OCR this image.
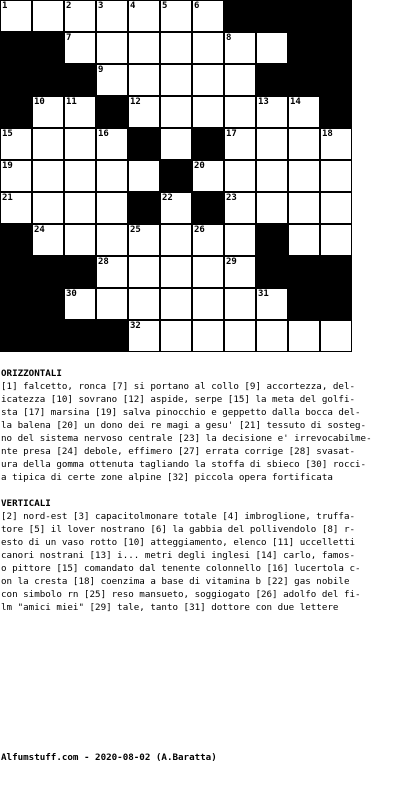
1	2	3	4	5	6
7	8
9
10 11	12	13 14
15	16	17	18
19	20
21	22	23
24	25	26
28	29
30	31
32
ORIZZONTALI
[1] falcetto, ronca [7] si portano al collo [9] accortezza, del-
icatezza [10] sovrano [12] aspide, serpe [15] la meta del golfi-
sta [17] marsina [19] salva pinocchio e geppetto dalla bocca del-
la balena [20] un dono dei re magi a gesu' [21] tessuto di sosteg-
no del sistema nervoso centrale [23] la decisione e' irrevocabilme-
nte presa [24] debole, effimero [27] errata corrige [28] svasat-
ura della gomma ottenuta tagliando la stoffa di sbieco [30] rocci-
a tipica di certe zone alpine [32] piccola opera fortificata
VERTICALI
[2] nord-est [3] capacitolmonare totale [4] imbroglione, truffa-
tore [5] il lover nostrano [6] la gabbia del pollivendolo [8] r-
esto di un vaso rotto [10] atteggiamento, elenco [11] uccelletti
canori nostrani [13] i... metri degli inglesi [14] carlo, famos-
o pittore [15] comandato dal tenente colonnello [16] lucertola c-
on la cresta [18] coenzima a base di vitamina b [22] gas nobile
con simbolo rn [25] reso mansueto, soggiogato [26] adolfo del fi-
lm "amici miei" [29] tale, tanto [31] dottore con due lettere
Alfumstuff.com - 2020-08-02 (A.Baratta)
